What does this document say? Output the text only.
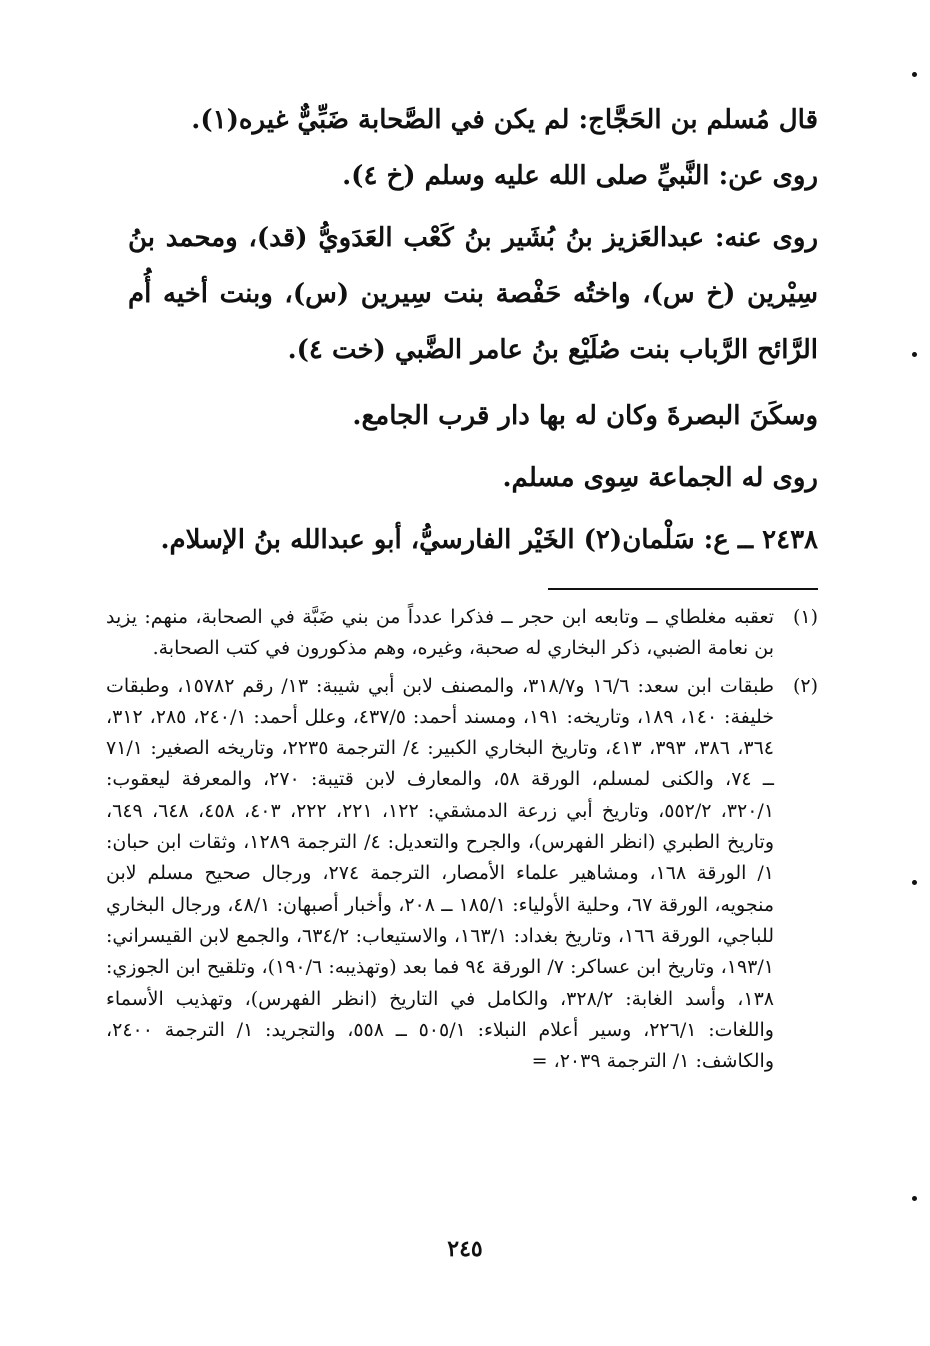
قال مُسلم بن الحَجَّاج: لم يكن في الصَّحابة ضَبِّيٌّ غيره(١).

روى عن: النَّبيِّ صلى الله عليه وسلم (خ ٤).

روى عنه: عبدالعَزيز بنُ بُشَير بنُ كَعْب العَدَويُّ (قد)، ومحمد بنُ سِيْرين (خ س)، واختُه حَفْصة بنت سِيرين (س)، وبنت أخيه أُم الرَّائح الرَّباب بنت صُلَيْع بنُ عامر الضَّبي (خت ٤).

وسكَنَ البصرةَ وكان له بها دار قرب الجامع.

روى له الجماعة سِوى مسلم.

٢٤٣٨ ــ ع: سَلْمان(٢) الخَيْر الفارسيُّ، أبو عبدالله بنُ الإسلام.

(١)
تعقبه مغلطاي ــ وتابعه ابن حجر ــ فذكرا عدداً من بني ضَبَّة في الصحابة، منهم: يزيد بن نعامة الضبي، ذكر البخاري له صحبة، وغيره، وهم مذكورون في كتب الصحابة.
(٢)
طبقات ابن سعد: ١٦/٦ و٣١٨/٧، والمصنف لابن أبي شيبة: ١٣/ رقم ١٥٧٨٢، وطبقات خليفة: ١٤٠، ١٨٩، وتاريخه: ١٩١، ومسند أحمد: ٤٣٧/٥، وعلل أحمد: ٢٤٠/١، ٢٨٥، ٣١٢، ٣٦٤، ٣٨٦، ٣٩٣، ٤١٣، وتاريخ البخاري الكبير: ٤/ الترجمة ٢٢٣٥، وتاريخه الصغير: ٧١/١ ــ ٧٤، والكنى لمسلم، الورقة ٥٨، والمعارف لابن قتيبة: ٢٧٠، والمعرفة ليعقوب: ٣٢٠/١، ٥٥٢/٢، وتاريخ أبي زرعة الدمشقي: ١٢٢، ٢٢١، ٢٢٢، ٤٠٣، ٤٥٨، ٦٤٨، ٦٤٩، وتاريخ الطبري (انظر الفهرس)، والجرح والتعديل: ٤/ الترجمة ١٢٨٩، وثقات ابن حبان: ١/ الورقة ١٦٨، ومشاهير علماء الأمصار، الترجمة ٢٧٤، ورجال صحيح مسلم لابن منجويه، الورقة ٦٧، وحلية الأولياء: ١٨٥/١ ــ ٢٠٨، وأخبار أصبهان: ٤٨/١، ورجال البخاري للباجي، الورقة ١٦٦، وتاريخ بغداد: ١٦٣/١، والاستيعاب: ٦٣٤/٢، والجمع لابن القيسراني: ١٩٣/١، وتاريخ ابن عساكر: ٧/ الورقة ٩٤ فما بعد (وتهذيبه: ١٩٠/٦)، وتلقيح ابن الجوزي: ١٣٨، وأسد الغابة: ٣٢٨/٢، والكامل في التاريخ (انظر الفهرس)، وتهذيب الأسماء واللغات: ٢٢٦/١، وسير أعلام النبلاء: ٥٠٥/١ ــ ٥٥٨، والتجريد: ١/ الترجمة ٢٤٠٠، والكاشف: ١/ الترجمة ٢٠٣٩، =
٢٤٥
